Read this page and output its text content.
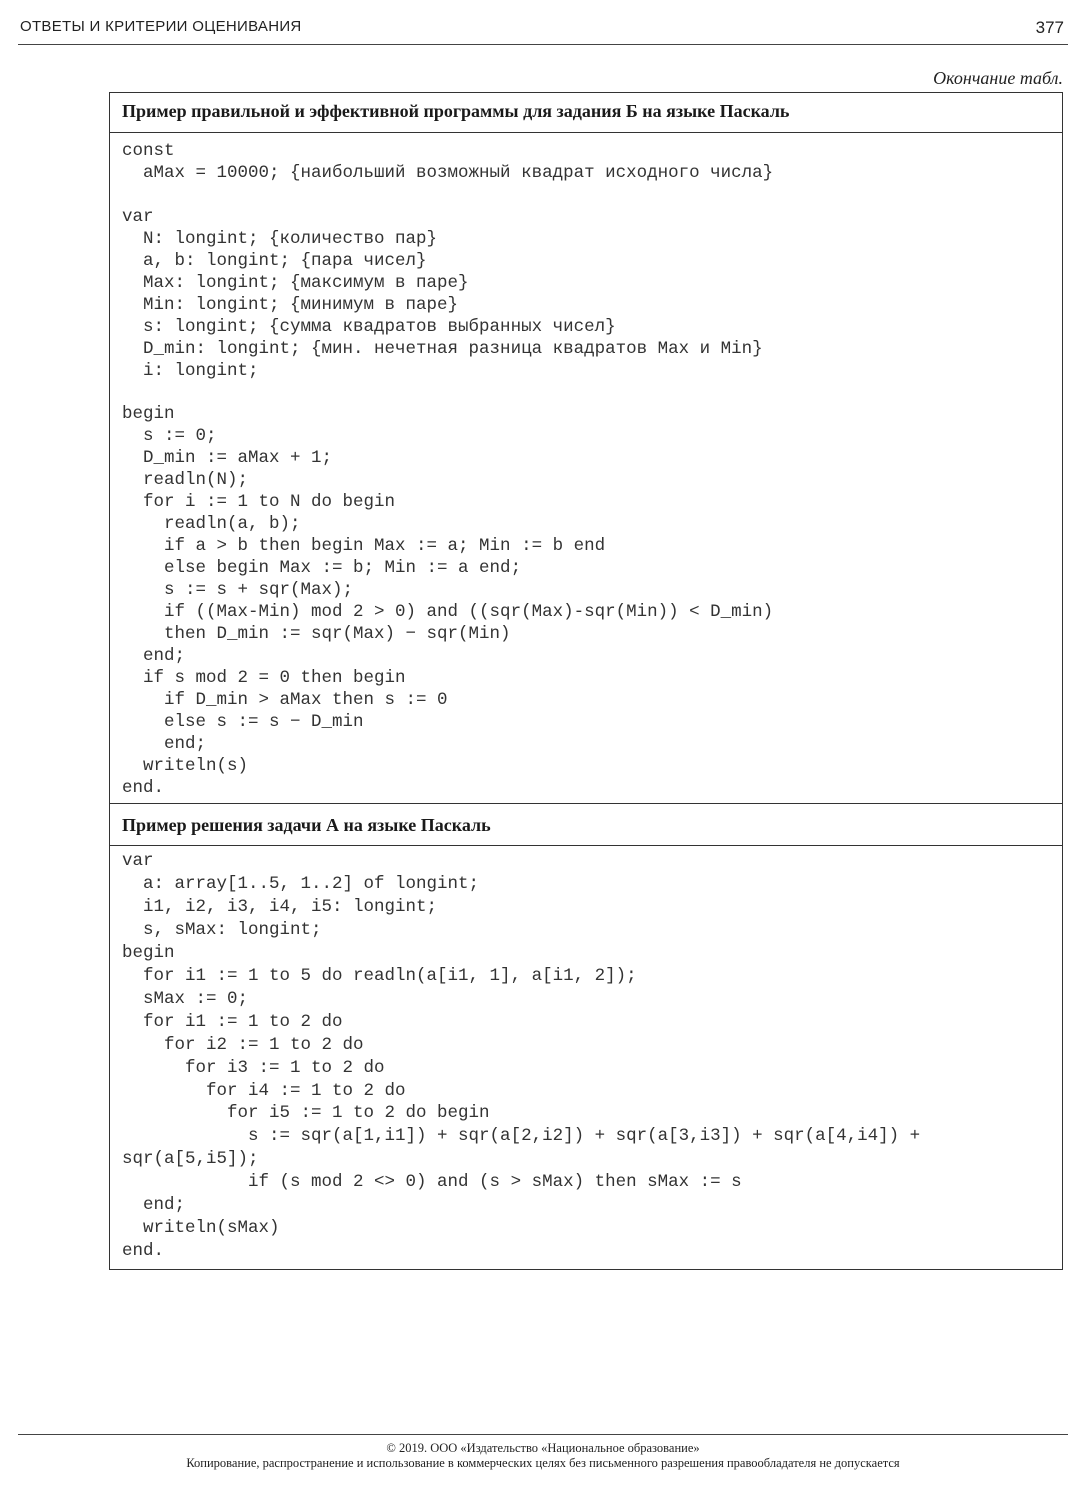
ОТВЕТЫ И КРИТЕРИИ ОЦЕНИВАНИЯ	377
Окончание табл.
Пример правильной и эффективной программы для задания Б на языке Паскаль
const
aMax = 10000; {наибольший возможный квадрат исходного числа}

var
N: longint; {количество пар}
a, b: longint; {пара чисел}
Max: longint; {максимум в паре}
Min: longint; {минимум в паре}
s: longint; {сумма квадратов выбранных чисел}
D_min: longint; {мин. нечетная разница квадратов Max и Min}
i: longint;

begin
s := 0;
D_min := aMax + 1;
readln(N);
for i := 1 to N do begin
readln(a, b);
if a > b then begin Max := a; Min := b end
else begin Max := b; Min := a end;
s := s + sqr(Max);
if ((Max-Min) mod 2 > 0) and ((sqr(Max)-sqr(Min)) < D_min)
then D_min := sqr(Max) − sqr(Min)
end;
if s mod 2 = 0 then begin
if D_min > aMax then s := 0
else s := s − D_min
end;
writeln(s)
end.
Пример решения задачи А на языке Паскаль
var
a: array[1..5, 1..2] of longint;
i1, i2, i3, i4, i5: longint;
s, sMax: longint;
begin
for i1 := 1 to 5 do readln(a[i1, 1], a[i1, 2]);
sMax := 0;
for i1 := 1 to 2 do
for i2 := 1 to 2 do
for i3 := 1 to 2 do
for i4 := 1 to 2 do
for i5 := 1 to 2 do begin
s := sqr(a[1,i1]) + sqr(a[2,i2]) + sqr(a[3,i3]) + sqr(a[4,i4]) +
sqr(a[5,i5]);
if (s mod 2 <> 0) and (s > sMax) then sMax := s
end;
writeln(sMax)
end.
© 2019. ООО «Издательство «Национальное образование»
Копирование, распространение и использование в коммерческих целях без письменного разрешения правообладателя не допускается
